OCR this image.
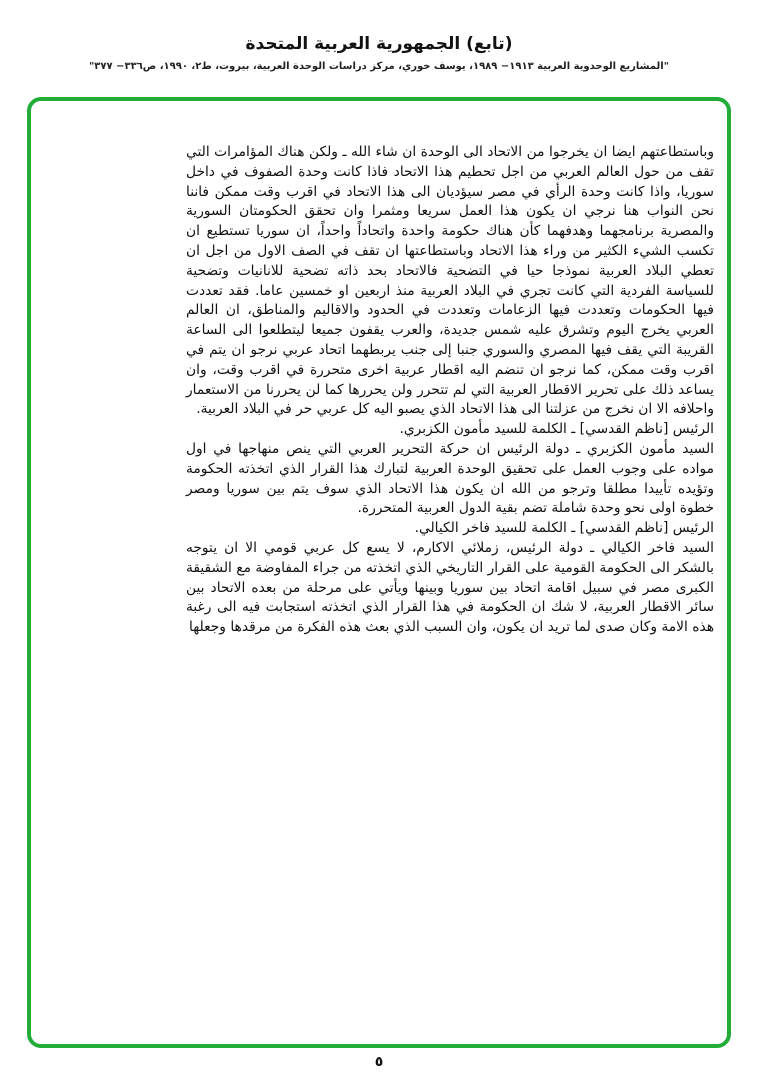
(تابع) الجمهورية العربية المتحدة
"المشاريع الوحدوية العربية ١٩١٣− ١٩٨٩، يوسف خوري، مركز دراسات الوحدة العربية، بيروت، ط٢، ١٩٩٠، ص٣٣٦− ٣٧٧"

وباستطاعتهم ايضا ان يخرجوا من الاتحاد الى الوحدة ان شاء الله ـ ولكن هناك المؤامرات التي تقف من حول العالم العربي من اجل تحطيم هذا الاتحاد فاذا كانت وحدة الصفوف في داخل سوريا، واذا كانت وحدة الرأي في مصر سيؤديان الى هذا الاتحاد في اقرب وقت ممكن فاننا نحن النواب هنا نرجي ان يكون هذا العمل سريعا ومثمرا وان تحقق الحكومتان السورية والمصرية برنامجهما وهدفهما كأن هناك حكومة واحدة واتحاداً واحداً، ان سوريا تستطيع ان تكسب الشيء الكثير من وراء هذا الاتحاد وباستطاعتها ان تقف في الصف الاول من اجل ان تعطي البلاد العربية نموذجا حيا في التضحية فالاتحاد بحد ذاته تضحية للانانيات وتضحية للسياسة الفردية التي كانت تجري في البلاد العربية منذ اربعين او خمسين عاما. فقد تعددت فيها الحكومات وتعددت فيها الزعامات وتعددت في الحدود والاقاليم والمناطق، ان العالم العربي يخرج اليوم وتشرق عليه شمس جديدة، والعرب يقفون جميعا ليتطلعوا الى الساعة القريبة التي يقف فيها المصري والسوري جنبا إلى جنب يربطهما اتحاد عربي نرجو ان يتم في اقرب وقت ممكن، كما نرجو ان تنضم اليه اقطار عربية اخرى متحررة في اقرب وقت، وان يساعد ذلك على تحرير الاقطار العربية التي لم تتحرر ولن يحررها كما لن يحررنا من الاستعمار واحلافه الا ان نخرج من عزلتنا الى هذا الاتحاد الذي يصبو اليه كل عربي حر في البلاد العربية.

الرئيس [ناظم القدسي] ـ الكلمة للسيد مأمون الكزبري.

السيد مأمون الكزبري ـ دولة الرئيس ان حركة التحرير العربي التي ينص منهاجها في اول مواده على وجوب العمل على تحقيق الوحدة العربية لتبارك هذا القرار الذي اتخذته الحكومة وتؤيده تأييدا مطلقا وترجو من الله ان يكون هذا الاتحاد الذي سوف يتم بين سوريا ومصر خطوة اولى نحو وحدة شاملة تضم بقية الدول العربية المتحررة.

الرئيس [ناظم القدسي] ـ الكلمة للسيد فاخر الكيالي.

السيد فاخر الكيالي ـ دولة الرئيس، زملائي الاكارم، لا يسع كل عربي قومي الا ان يتوجه بالشكر الى الحكومة القومية على القرار التاريخي الذي اتخذته من جراء المفاوضة مع الشقيقة الكبرى مصر في سبيل اقامة اتحاد بين سوريا وبينها ويأتي على مرحلة من بعده الاتحاد بين سائر الاقطار العربية، لا شك ان الحكومة في هذا القرار الذي اتخذته استجابت فيه الى رغبة هذه الامة وكان صدى لما تريد ان يكون، وان السبب الذي بعث هذه الفكرة من مرقدها وجعلها

٥
